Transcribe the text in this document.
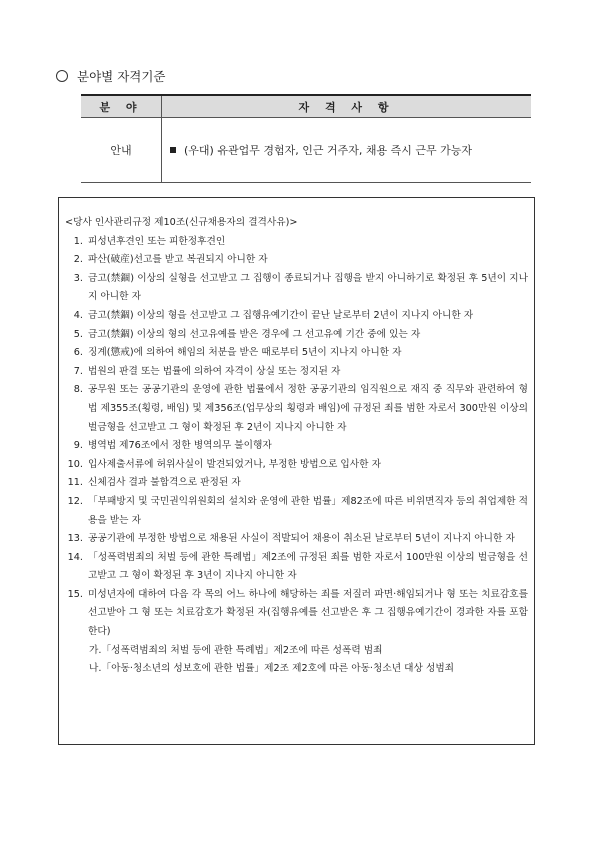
분야별 자격기준
분 야	자 격 사 항
안내	(우대) 유관업무 경험자, 인근 거주자, 채용 즉시 근무 가능자

<당사 인사관리규정 제10조(신규채용자의 결격사유)>

1. 피성년후견인 또는 피한정후견인
2. 파산(破産)선고를 받고 복권되지 아니한 자
3. 금고(禁錮) 이상의 실형을 선고받고 그 집행이 종료되거나 집행을 받지 아니하기로 확정된 후 5년이 지나지 아니한 자
4. 금고(禁錮) 이상의 형을 선고받고 그 집행유예기간이 끝난 날로부터 2년이 지나지 아니한 자
5. 금고(禁錮) 이상의 형의 선고유예를 받은 경우에 그 선고유예 기간 중에 있는 자
6. 징계(懲戒)에 의하여 해임의 처분을 받은 때로부터 5년이 지나지 아니한 자
7. 법원의 판결 또는 법률에 의하여 자격이 상실 또는 정지된 자
8. 공무원 또는 공공기관의 운영에 관한 법률에서 정한 공공기관의 임직원으로 재직 중 직무와 관련하여 형법 제355조(횡령, 배임) 및 제356조(업무상의 횡령과 배임)에 규정된 죄를 범한 자로서 300만원 이상의 벌금형을 선고받고 그 형이 확정된 후 2년이 지나지 아니한 자
9. 병역법 제76조에서 정한 병역의무 불이행자
10. 입사제출서류에 허위사실이 발견되었거나, 부정한 방법으로 입사한 자
11. 신체검사 결과 불합격으로 판정된 자
12. 「부패방지 및 국민권익위원회의 설치와 운영에 관한 법률」제82조에 따른 비위면직자 등의 취업제한 적용을 받는 자
13. 공공기관에 부정한 방법으로 채용된 사실이 적발되어 채용이 취소된 날로부터 5년이 지나지 아니한 자
14. 「성폭력범죄의 처벌 등에 관한 특례법」제2조에 규정된 죄를 범한 자로서 100만원 이상의 벌금형을 선고받고 그 형이 확정된 후 3년이 지나지 아니한 자
15. 미성년자에 대하여 다음 각 목의 어느 하나에 해당하는 죄를 저질러 파면·해임되거나 형 또는 치료감호를 선고받아 그 형 또는 치료감호가 확정된 자(집행유예를 선고받은 후 그 집행유예기간이 경과한 자를 포함한다)
가.「성폭력범죄의 처벌 등에 관한 특례법」제2조에 따른 성폭력 범죄
나.「아동·청소년의 성보호에 관한 법률」제2조 제2호에 따른 아동·청소년 대상 성범죄
